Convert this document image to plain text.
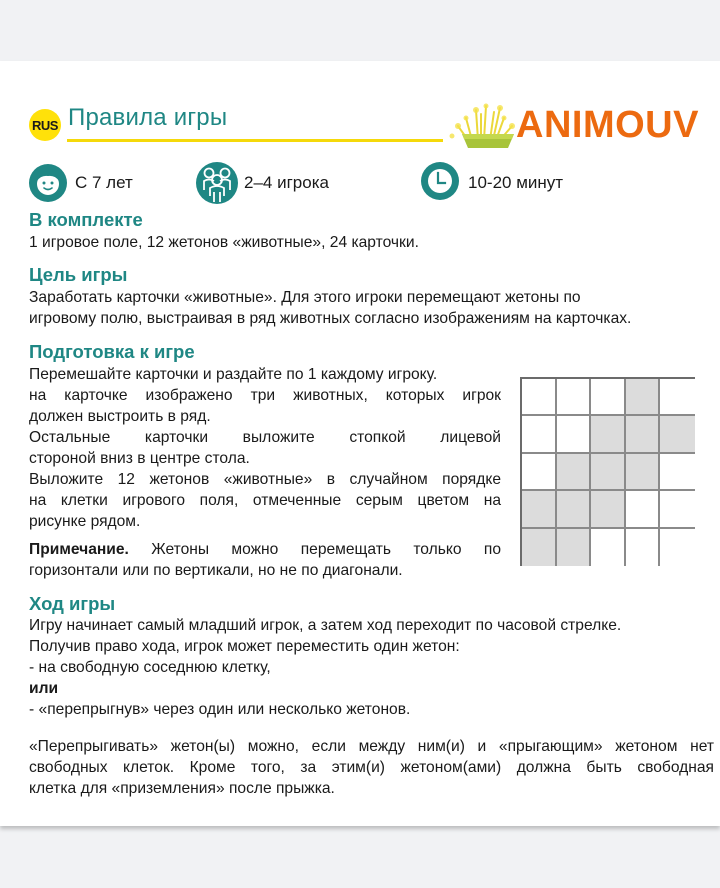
RUS Правила игры	ANIMOUV
С 7 лет	2–4 игрока	10-20 минут
В комплекте
1 игровое поле, 12 жетонов «животные», 24 карточки.
Цель игры
Заработать карточки «животные». Для этого игроки перемещают жетоны по
игровому полю, выстраивая в ряд животных согласно изображениям на карточках.
Подготовка к игре
Перемешайте карточки и раздайте по 1 каждому игроку.
на карточке изображено три животных, которых игрок
должен выстроить в ряд.
Остальные карточки выложите стопкой лицевой
стороной вниз в центре стола.
Выложите 12 жетонов «животные» в случайном порядке
на клетки игрового поля, отмеченные серым цветом на
рисунке рядом.
Примечание. Жетоны можно перемещать только по
горизонтали или по вертикали, но не по диагонали.
Ход игры
Игру начинает самый младший игрок, а затем ход переходит по часовой стрелке.
Получив право хода, игрок может переместить один жетон:
- на свободную соседнюю клетку,
или
- «перепрыгнув» через один или несколько жетонов.
«Перепрыгивать» жетон(ы) можно, если между ним(и) и «прыгающим» жетоном нет
свободных клеток. Кроме того, за этим(и) жетоном(ами) должна быть свободная
клетка для «приземления» после прыжка.
